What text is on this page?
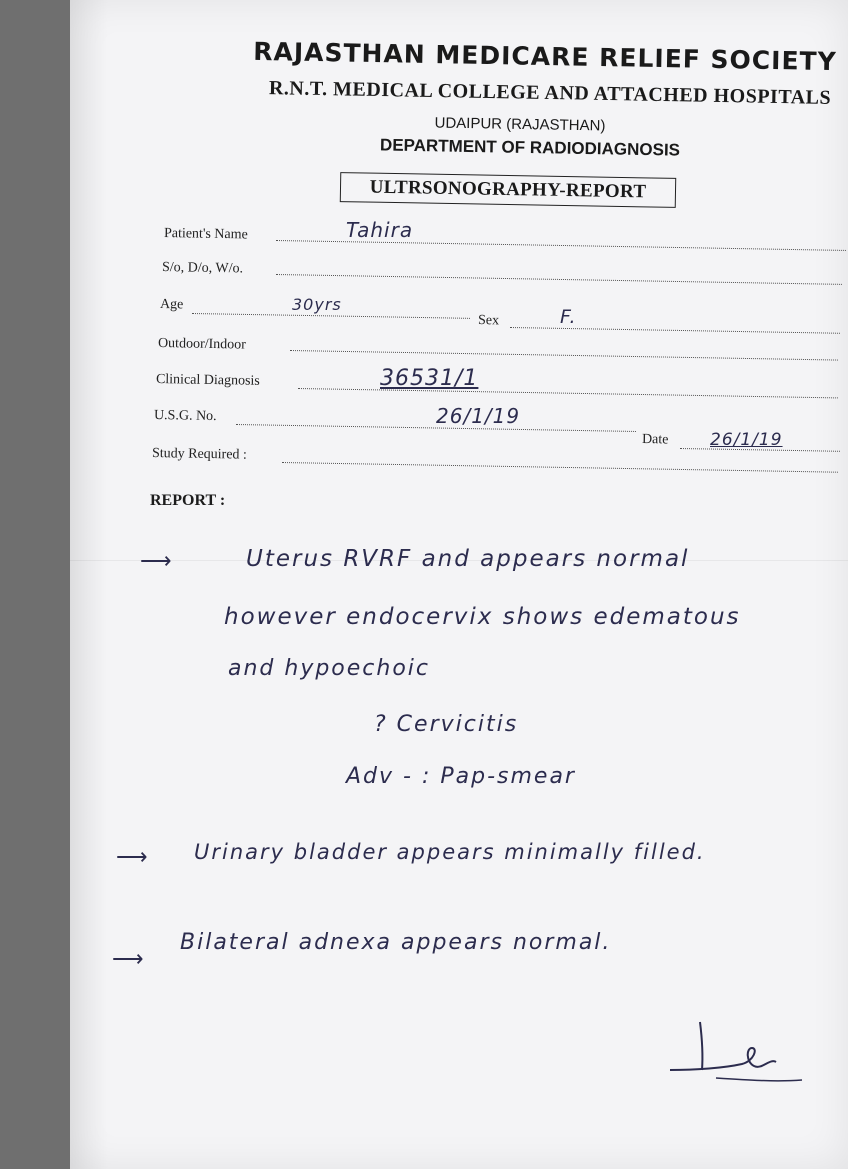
RAJASTHAN MEDICARE RELIEF SOCIETY
R.N.T. MEDICAL COLLEGE AND ATTACHED HOSPITALS
UDAIPUR (RAJASTHAN)
DEPARTMENT OF RADIODIAGNOSIS
ULTRSONOGRAPHY-REPORT
Patient's Name	Tahira
S/o, D/o, W/o.
Age	30yrs
Sex	F.
Outdoor/Indoor
Clinical Diagnosis	36531/1
U.S.G. No.	26/1/19
Date 26/1/19
Study Required :
REPORT :
⟶	Uterus RVRF and appears normal
however endocervix shows edematous
and hypoechoic
? Cervicitis
Adv - : Pap-smear
⟶ Urinary bladder appears minimally filled.
⟶
Bilateral adnexa appears normal.
